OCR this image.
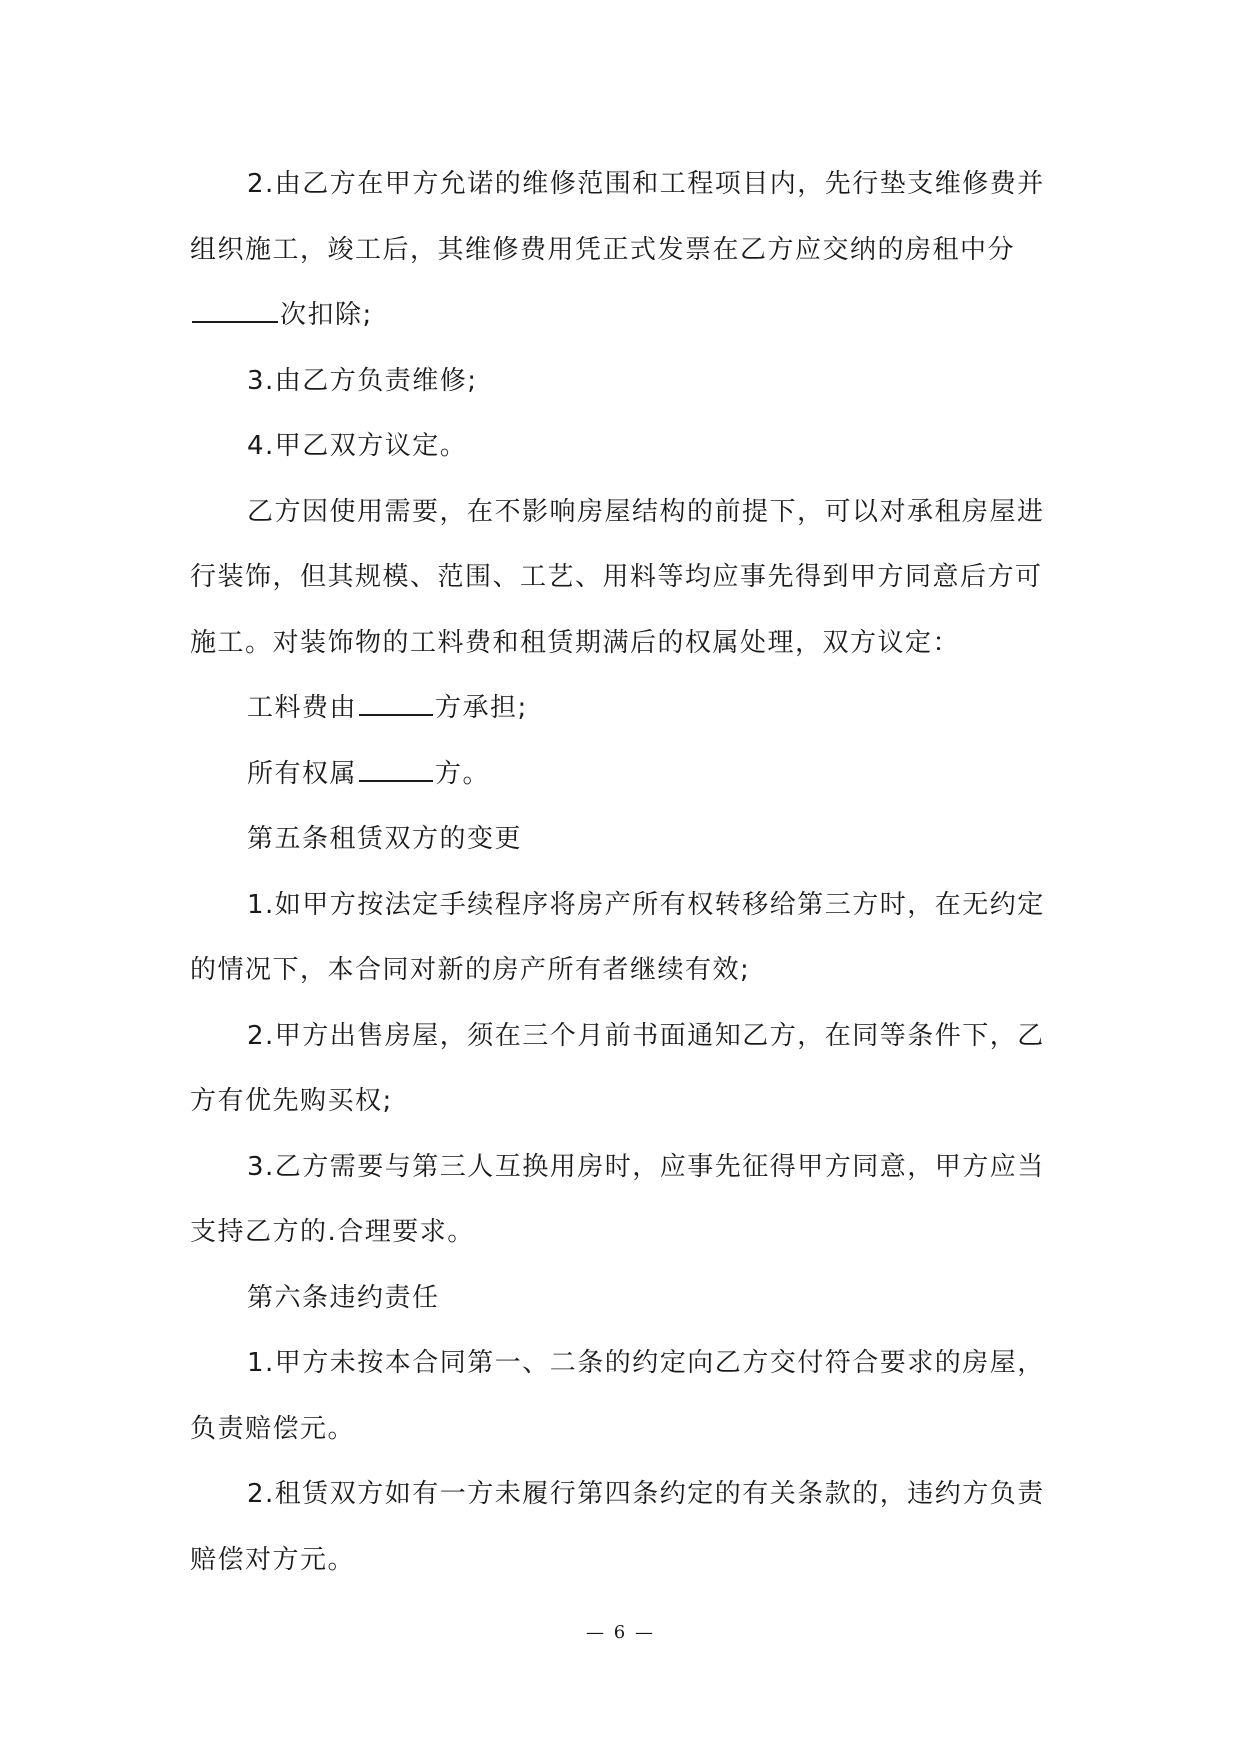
2.由乙方在甲方允诺的维修范围和工程项目内，先行垫支维修费并组织施工，竣工后，其维修费用凭正式发票在乙方应交纳的房租中分次扣除;

3.由乙方负责维修;

4.甲乙双方议定。

乙方因使用需要，在不影响房屋结构的前提下，可以对承租房屋进行装饰，但其规模、范围、工艺、用料等均应事先得到甲方同意后方可施工。对装饰物的工料费和租赁期满后的权属处理，双方议定：

工料费由	方承担;

所有权属	方。

第五条租赁双方的变更

1.如甲方按法定手续程序将房产所有权转移给第三方时，在无约定的情况下，本合同对新的房产所有者继续有效;

2.甲方出售房屋，须在三个月前书面通知乙方，在同等条件下，乙方有优先购买权;

3.乙方需要与第三人互换用房时，应事先征得甲方同意，甲方应当支持乙方的.合理要求。

第六条违约责任

1.甲方未按本合同第一、二条的约定向乙方交付符合要求的房屋，负责赔偿元。

2.租赁双方如有一方未履行第四条约定的有关条款的，违约方负责赔偿对方元。

— 6 —
